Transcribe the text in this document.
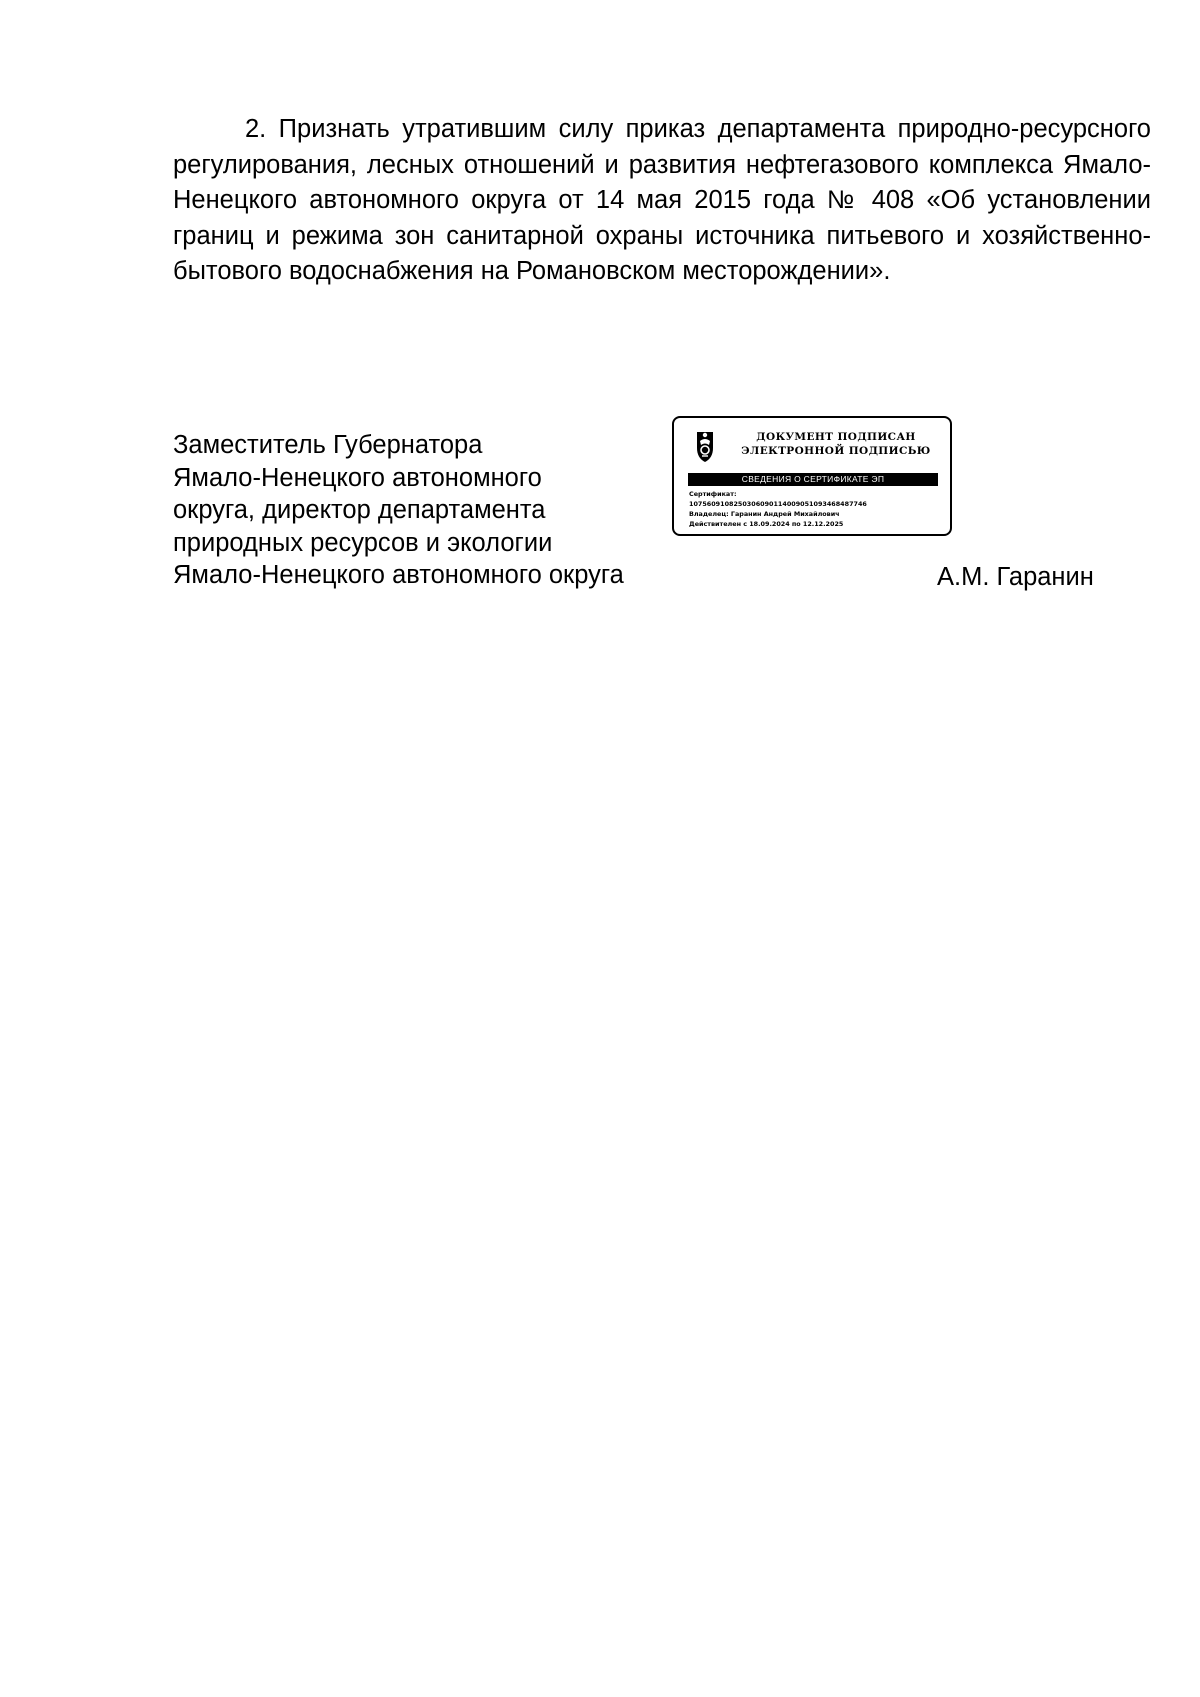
2. Признать утратившим силу приказ департамента природно-ресурсного регулирования, лесных отношений и развития нефтегазового комплекса Ямало-Ненецкого автономного округа от 14 мая 2015 года № 408 «Об установлении границ и режима зон санитарной охраны источника питьевого и хозяйственно-бытового водоснабжения на Романовском месторождении».
Заместитель Губернатора
Ямало-Ненецкого автономного
округа, директор департамента
природных ресурсов и экологии
Ямало-Ненецкого автономного округа	А.М. Гаранин
ДОКУМЕНТ ПОДПИСАН
ЭЛЕКТРОННОЙ ПОДПИСЬЮ
СВЕДЕНИЯ О СЕРТИФИКАТЕ ЭП
Сертификат:
1075609108250306090114009051093468487746
Владелец: Гаранин Андрей Михайлович
Действителен с 18.09.2024 по 12.12.2025
